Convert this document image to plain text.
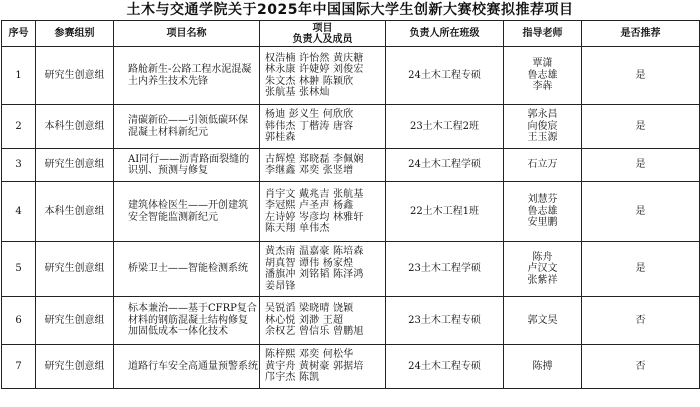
土木与交通学院关于2025年中国国际大学生创新大赛校赛拟推荐项目
序号	参赛组别	项目名称	项目
负责人及成员	负责人所在班级	指导老师	是否推荐
1	研究生创意组	路舱新生-公路工程水泥混凝
土内养生技术先锋	权浩楠 许怡然 黄庆糖
林永康 许婕婷 刘俊宏
朱文杰 林翀 陈颖欣
张航基 张林灿	24土木工程专硕	覃潇
鲁志雄
李犇	是
2	本科生创意组	清碳新砼——引领低碳环保
混凝土材料新纪元	杨迪 彭义生 何欣欣
韩伟杰 丁楷涛 唐容
郭桂森	23土木工程2班	郭永昌
向俊宸
王玉源	是
3	研究生创意组	AI同行——沥青路面裂缝的
识别、预测与修复	古辉煌 郑晓磊 李佩娴
李继鑫 邓奕 张竖增	24土木工程学硕	石立万	是
4	本科生创意组	建筑体检医生——开创建筑
安全智能监测新纪元	肖宇文 戴兆吉 张航基
李冠熙 卢圣声 杨鑫
左诗婷 岑彦均 林雅轩
陈天翔 单伟杰	22土木工程1班	刘慧芬
鲁志雄
安里鹏	是
5	研究生创意组	桥梁卫士——智能检测系统	黄杰南 温嘉豪 陈培森
胡真智 谭伟 杨家煌
潘旗冲 刘铭韬 陈泽鸿
姜昂锋	23土木工程学硕	陈舟
卢汉文
张紫祥	是
6	研究生创意组	标本兼治——基于CFRP复合
材料的钢筋混凝土结构修复
加固低成本一体化技术	吴锐滔 梁晓晴 饶颖
林心悦 刘渺 王超
余权艺 曾信乐 曾鹏旭	23土木工程专硕	郭文昊	否
7	研究生创意组	道路行车安全高通量预警系统	陈梓熙 邓奕 何松华
黄宇舟 黄树豪 郭据培
邝宇杰 陈凯	24土木工程专硕	陈搏	否
